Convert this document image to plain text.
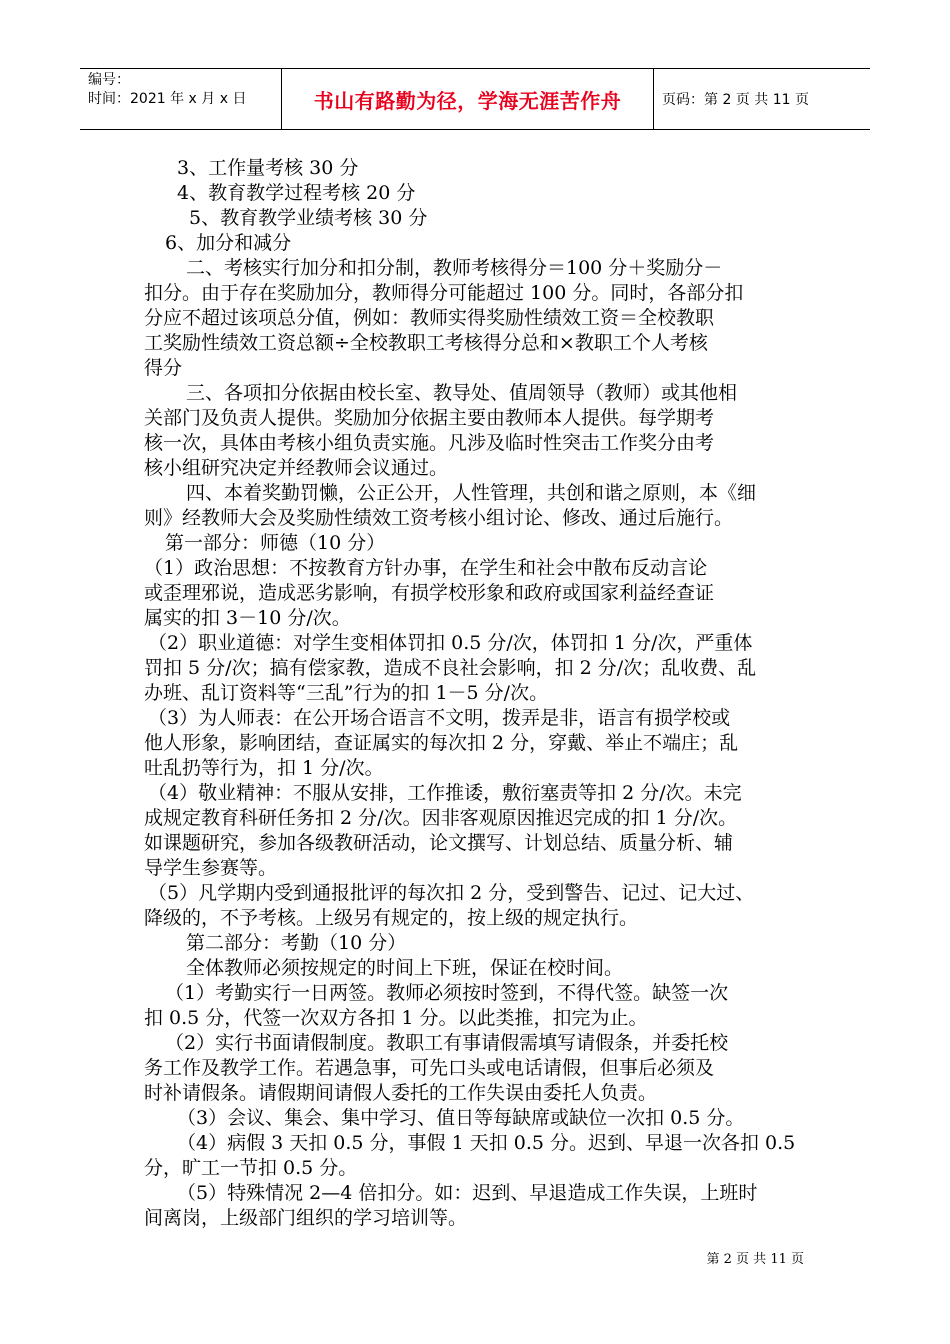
编号：
时间：2021 年 x 月 x 日	书山有路勤为径，学海无涯苦作舟	页码：第 2 页 共 11 页

3、工作量考核 30 分

4、教育教学过程考核 20 分

5、教育教学业绩考核 30 分

6、加分和减分

二、考核实行加分和扣分制，教师考核得分＝100 分＋奖励分－

扣分。由于存在奖励加分，教师得分可能超过 100 分。同时，各部分扣

分应不超过该项总分值，例如：教师实得奖励性绩效工资＝全校教职

工奖励性绩效工资总额÷全校教职工考核得分总和×教职工个人考核

得分

三、各项扣分依据由校长室、教导处、值周领导（教师）或其他相

关部门及负责人提供。奖励加分依据主要由教师本人提供。每学期考

核一次，具体由考核小组负责实施。凡涉及临时性突击工作奖分由考

核小组研究决定并经教师会议通过。

四、本着奖勤罚懒，公正公开，人性管理，共创和谐之原则，本《细

则》经教师大会及奖励性绩效工资考核小组讨论、修改、通过后施行。

第一部分：师德（10 分）

（1）政治思想：不按教育方针办事，在学生和社会中散布反动言论

或歪理邪说，造成恶劣影响，有损学校形象和政府或国家利益经查证

属实的扣 3－10 分/次。

（2）职业道德：对学生变相体罚扣 0.5 分/次，体罚扣 1 分/次，严重体

罚扣 5 分/次；搞有偿家教，造成不良社会影响，扣 2 分/次；乱收费、乱

办班、乱订资料等“三乱”行为的扣 1－5 分/次。

（3）为人师表：在公开场合语言不文明，拨弄是非，语言有损学校或

他人形象，影响团结，查证属实的每次扣 2 分，穿戴、举止不端庄；乱

吐乱扔等行为，扣 1 分/次。

（4）敬业精神：不服从安排，工作推诿，敷衍塞责等扣 2 分/次。未完

成规定教育科研任务扣 2 分/次。因非客观原因推迟完成的扣 1 分/次。

如课题研究，参加各级教研活动，论文撰写、计划总结、质量分析、辅

导学生参赛等。

（5）凡学期内受到通报批评的每次扣 2 分，受到警告、记过、记大过、

降级的，不予考核。上级另有规定的，按上级的规定执行。

第二部分：考勤（10 分）

全体教师必须按规定的时间上下班，保证在校时间。

（1）考勤实行一日两签。教师必须按时签到，不得代签。缺签一次

扣 0.5 分，代签一次双方各扣 1 分。以此类推，扣完为止。

（2）实行书面请假制度。教职工有事请假需填写请假条，并委托校

务工作及教学工作。若遇急事，可先口头或电话请假，但事后必须及

时补请假条。请假期间请假人委托的工作失误由委托人负责。

（3）会议、集会、集中学习、值日等每缺席或缺位一次扣 0.5 分。

（4）病假 3 天扣 0.5 分，事假 1 天扣 0.5 分。迟到、早退一次各扣 0.5

分，旷工一节扣 0.5 分。

（5）特殊情况 2—4 倍扣分。如：迟到、早退造成工作失误，上班时

间离岗，上级部门组织的学习培训等。

第 2 页 共 11 页
